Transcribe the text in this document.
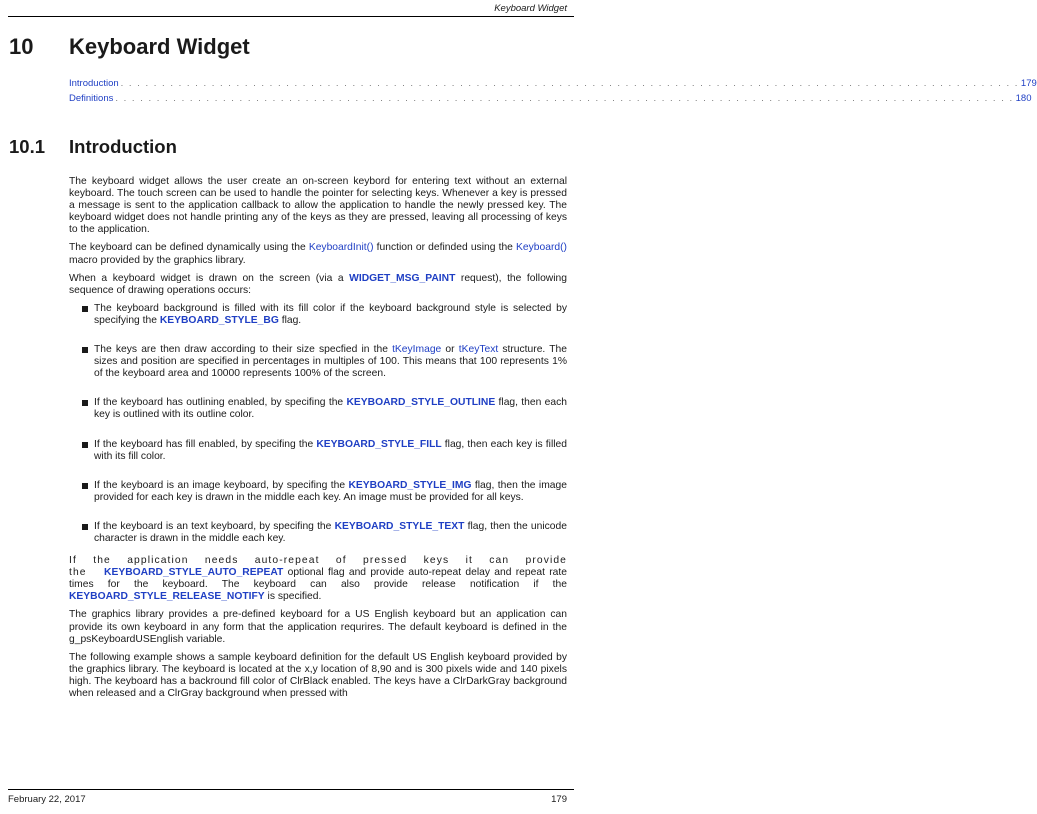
Keyboard Widget
10	Keyboard Widget
Introduction . . . . . . . . . . . . . . . . . . . . . . . . . . . . . . . . . . . . . . . . . . . . . . . . . . . . . . . . . . . . . . . . . . . . . . . . . . . . . . . . . . . . . . . . . . . . . . . . . . . . . . . . . . . . . 179
Definitions . . . . . . . . . . . . . . . . . . . . . . . . . . . . . . . . . . . . . . . . . . . . . . . . . . . . . . . . . . . . . . . . . . . . . . . . . . . . . . . . . . . . . . . . . . . . . . . . . . . . . . . . . . . . . 180
10.1	Introduction

The keyboard widget allows the user create an on-screen keybord for entering text without an external keyboard. The touch screen can be used to handle the pointer for selecting keys. Whenever a key is pressed a message is sent to the application callback to allow the application to handle the newly pressed key. The keyboard widget does not handle printing any of the keys as they are pressed, leaving all processing of keys to the application.

The keyboard can be defined dynamically using the KeyboardInit() function or definded using the Keyboard() macro provided by the graphics library.

When a keyboard widget is drawn on the screen (via a WIDGET_MSG_PAINT request), the following sequence of drawing operations occurs:

The keyboard background is filled with its fill color if the keyboard background style is selected by specifying the KEYBOARD_STYLE_BG flag.
The keys are then draw according to their size specfied in the tKeyImage or tKeyText structure. The sizes and position are specified in percentages in multiples of 100. This means that 100 represents 1% of the keyboard area and 10000 represents 100% of the screen.
If the keyboard has outlining enabled, by specifing the KEYBOARD_STYLE_OUTLINE flag, then each key is outlined with its outline color.
If the keyboard has fill enabled, by specifing the KEYBOARD_STYLE_FILL flag, then each key is filled with its fill color.
If the keyboard is an image keyboard, by specifing the KEYBOARD_STYLE_IMG flag, then the image provided for each key is drawn in the middle each key. An image must be provided for all keys.
If the keyboard is an text keyboard, by specifing the KEYBOARD_STYLE_TEXT flag, then the unicode character is drawn in the middle each key.

If the application needs auto-repeat of pressed keys it can provide the KEYBOARD_STYLE_AUTO_REPEAT optional flag and provide auto-repeat delay and repeat rate times for the keyboard. The keyboard can also provide release notification if the KEYBOARD_STYLE_RELEASE_NOTIFY is specified.

The graphics library provides a pre-defined keyboard for a US English keyboard but an application can provide its own keyboard in any form that the application requrires. The default keyboard is defined in the g_psKeyboardUSEnglish variable.

The following example shows a sample keyboard definition for the default US English keyboard provided by the graphics library. The keyboard is located at the x,y location of 8,90 and is 300 pixels wide and 140 pixels high. The keyboard has a backround fill color of ClrBlack enabled. The keys have a ClrDarkGray background when released and a ClrGray background when pressed with

February 22, 2017	179
